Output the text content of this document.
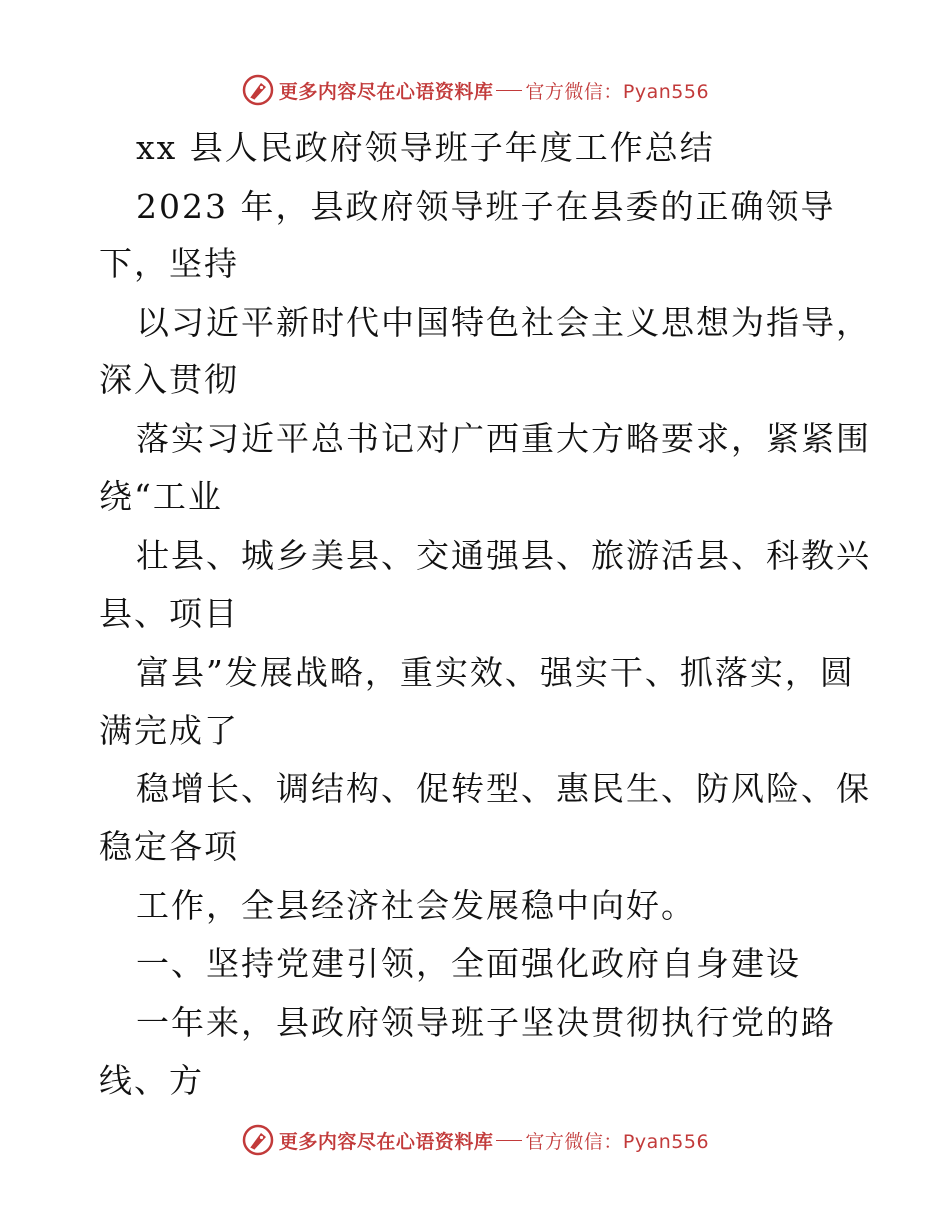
更多内容尽在心语资料库 官方微信：Pyan556
xx 县人民政府领导班子年度工作总结
2023 年，县政府领导班子在县委的正确领导
下，坚持
以习近平新时代中国特色社会主义思想为指导，
深入贯彻
落实习近平总书记对广西重大方略要求，紧紧围
绕“工业
壮县、城乡美县、交通强县、旅游活县、科教兴
县、项目
富县”发展战略，重实效、强实干、抓落实，圆
满完成了
稳增长、调结构、促转型、惠民生、防风险、保
稳定各项
工作，全县经济社会发展稳中向好。
一、坚持党建引领，全面强化政府自身建设
一年来，县政府领导班子坚决贯彻执行党的路
线、方
更多内容尽在心语资料库 官方微信：Pyan556
